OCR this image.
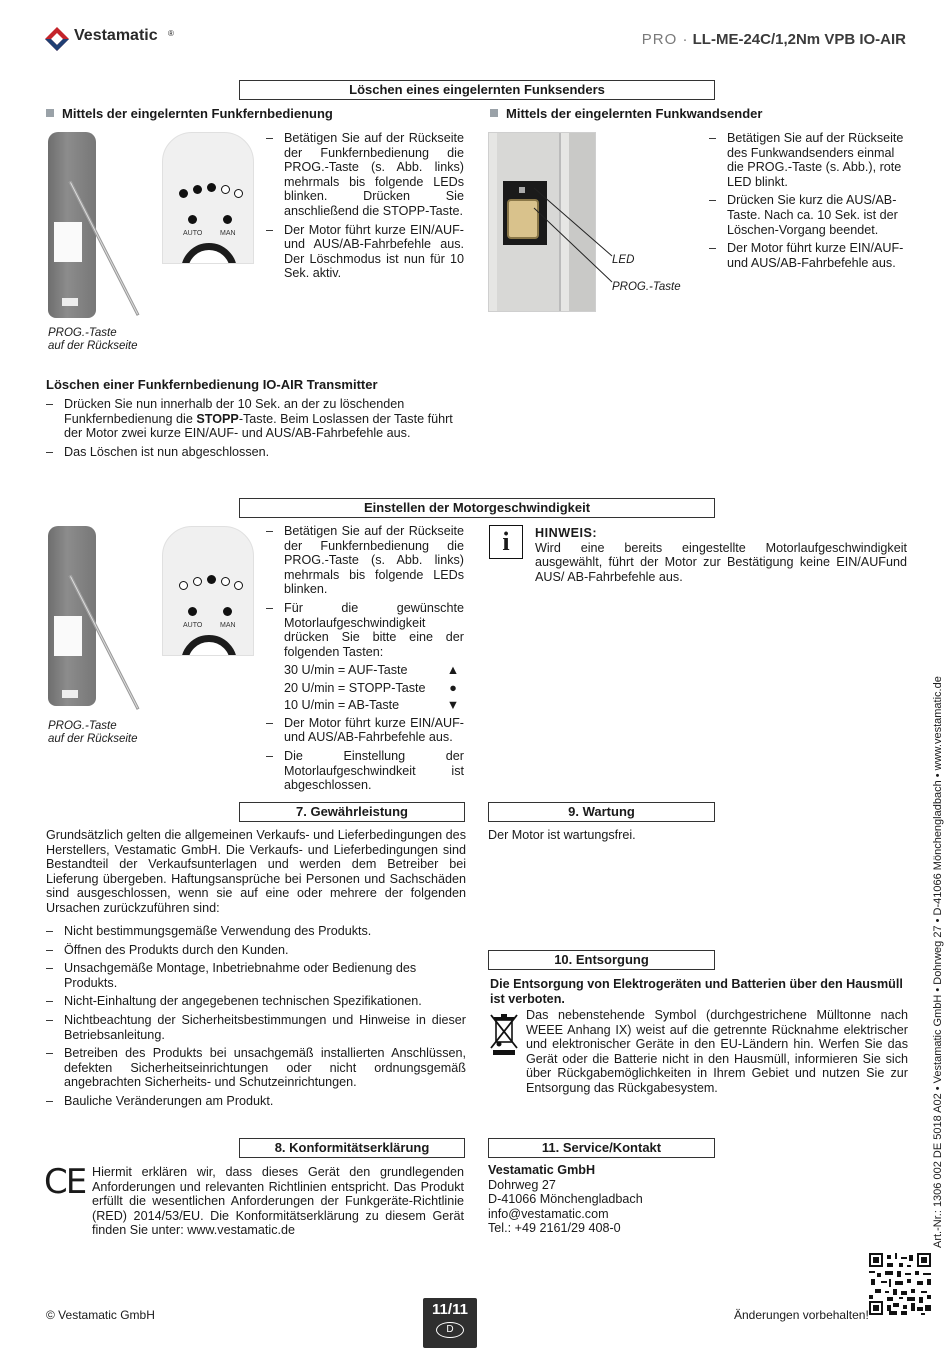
Vestamatic ®	PRO · LL-ME-24C/1,2Nm VPB IO-AIR
Löschen eines eingelernten Funksenders
Mittels der eingelernten Funkfernbedienung	Mittels der eingelernten Funkwandsender
AUTO	MAN
PROG.-Taste
auf der Rückseite
– Betätigen Sie auf der Rückseite der Funkfernbedienung die PROG.-Taste (s. Abb. links) mehrmals bis folgende LEDs blinken. Drücken Sie anschließend die STOPP-Taste.
– Der Motor führt kurze EIN/AUF- und AUS/AB-Fahrbefehle aus. Der Löschmodus ist nun für 10 Sek. aktiv.
LED
PROG.-Taste
– Betätigen Sie auf der Rückseite des Funkwandsenders einmal die PROG.-Taste (s. Abb.), rote LED blinkt.
– Drücken Sie kurz die AUS/AB-Taste. Nach ca. 10 Sek. ist der Löschen-Vorgang beendet.
– Der Motor führt kurze EIN/AUF- und AUS/AB-Fahrbefehle aus.
Löschen einer Funkfernbedienung IO-AIR Transmitter
– Drücken Sie nun innerhalb der 10 Sek. an der zu löschenden Funkfernbedienung die STOPP-Taste. Beim Loslassen der Taste führt der Motor zwei kurze EIN/AUF- und AUS/AB-Fahrbefehle aus.
– Das Löschen ist nun abgeschlossen.
Einstellen der Motorgeschwindigkeit
AUTO	MAN
PROG.-Taste
auf der Rückseite
– Betätigen Sie auf der Rückseite der Funkfernbedienung die PROG.-Taste (s. Abb. links) mehrmals bis folgende LEDs blinken.
– Für die gewünschte Motorlaufgeschwindigkeit drücken Sie bitte eine der folgenden Tasten:
30 U/min = AUF-Taste	▲
20 U/min = STOPP-Taste ●
10 U/min = AB-Taste	▼
– Der Motor führt kurze EIN/AUF- und AUS/AB-Fahrbefehle aus.
– Die Einstellung der Motorlaufgeschwindkeit ist abgeschlossen.
i	HINWEIS:
Wird eine bereits eingestellte Motorlaufgeschwindigkeit ausgewählt, führt der Motor zur Bestätigung keine EIN/AUFund AUS/ AB-Fahrbefehle aus.
7. Gewährleistung
Grundsätzlich gelten die allgemeinen Verkaufs- und Lieferbedingungen des Herstellers, Vestamatic GmbH. Die Verkaufs- und Lieferbedingungen sind Bestandteil der Verkaufsunterlagen und werden dem Betreiber bei Lieferung übergeben. Haftungsansprüche bei Personen und Sachschäden sind ausgeschlossen, wenn sie auf eine oder mehrere der folgenden Ursachen zurückzuführen sind:
– Nicht bestimmungsgemäße Verwendung des Produkts.
– Öffnen des Produkts durch den Kunden.
– Unsachgemäße Montage, Inbetriebnahme oder Bedienung des Produkts.
– Nicht-Einhaltung der angegebenen technischen Spezifikationen.
– Nichtbeachtung der Sicherheitsbestimmungen und Hinweise in dieser Betriebsanleitung.
– Betreiben des Produkts bei unsachgemäß installierten Anschlüssen, defekten Sicherheitseinrichtungen oder nicht ordnungsgemäß angebrachten Sicherheits- und Schutzeinrichtungen.
– Bauliche Veränderungen am Produkt.
9. Wartung
Der Motor ist wartungsfrei.
10. Entsorgung
Die Entsorgung von Elektrogeräten und Batterien über den Hausmüll ist verboten.
Das nebenstehende Symbol (durchgestrichene Mülltonne nach WEEE Anhang IX) weist auf die getrennte Rücknahme elektrischer und elektronischer Geräte in den EU-Ländern hin. Werfen Sie das Gerät oder die Batterie nicht in den Hausmüll, informieren Sie sich über Rückgabemöglichkeiten in Ihrem Gebiet und nutzen Sie zur Entsorgung das Rückgabesystem.
8. Konformitätserklärung
CE Hiermit erklären wir, dass dieses Gerät den grundlegenden Anforderungen und relevanten Richtlinien entspricht. Das Produkt erfüllt die wesentlichen Anforderungen der Funkgeräte-Richtlinie (RED) 2014/53/EU. Die Konformitätserklärung zu diesem Gerät finden Sie unter: www.vestamatic.de
11. Service/Kontakt
Vestamatic GmbH
Dohrweg 27
D-41066 Mönchengladbach
info@vestamatic.com
Tel.: +49 2161/29 408-0	Art.-Nr.: 1306 002 DE 5018 A02 • Vestamatic GmbH • Dohrweg 27 • D-41066 Mönchengladbach • www.vestamatic.de
© Vestamatic GmbH	11/11
D
Änderungen vorbehalten!
